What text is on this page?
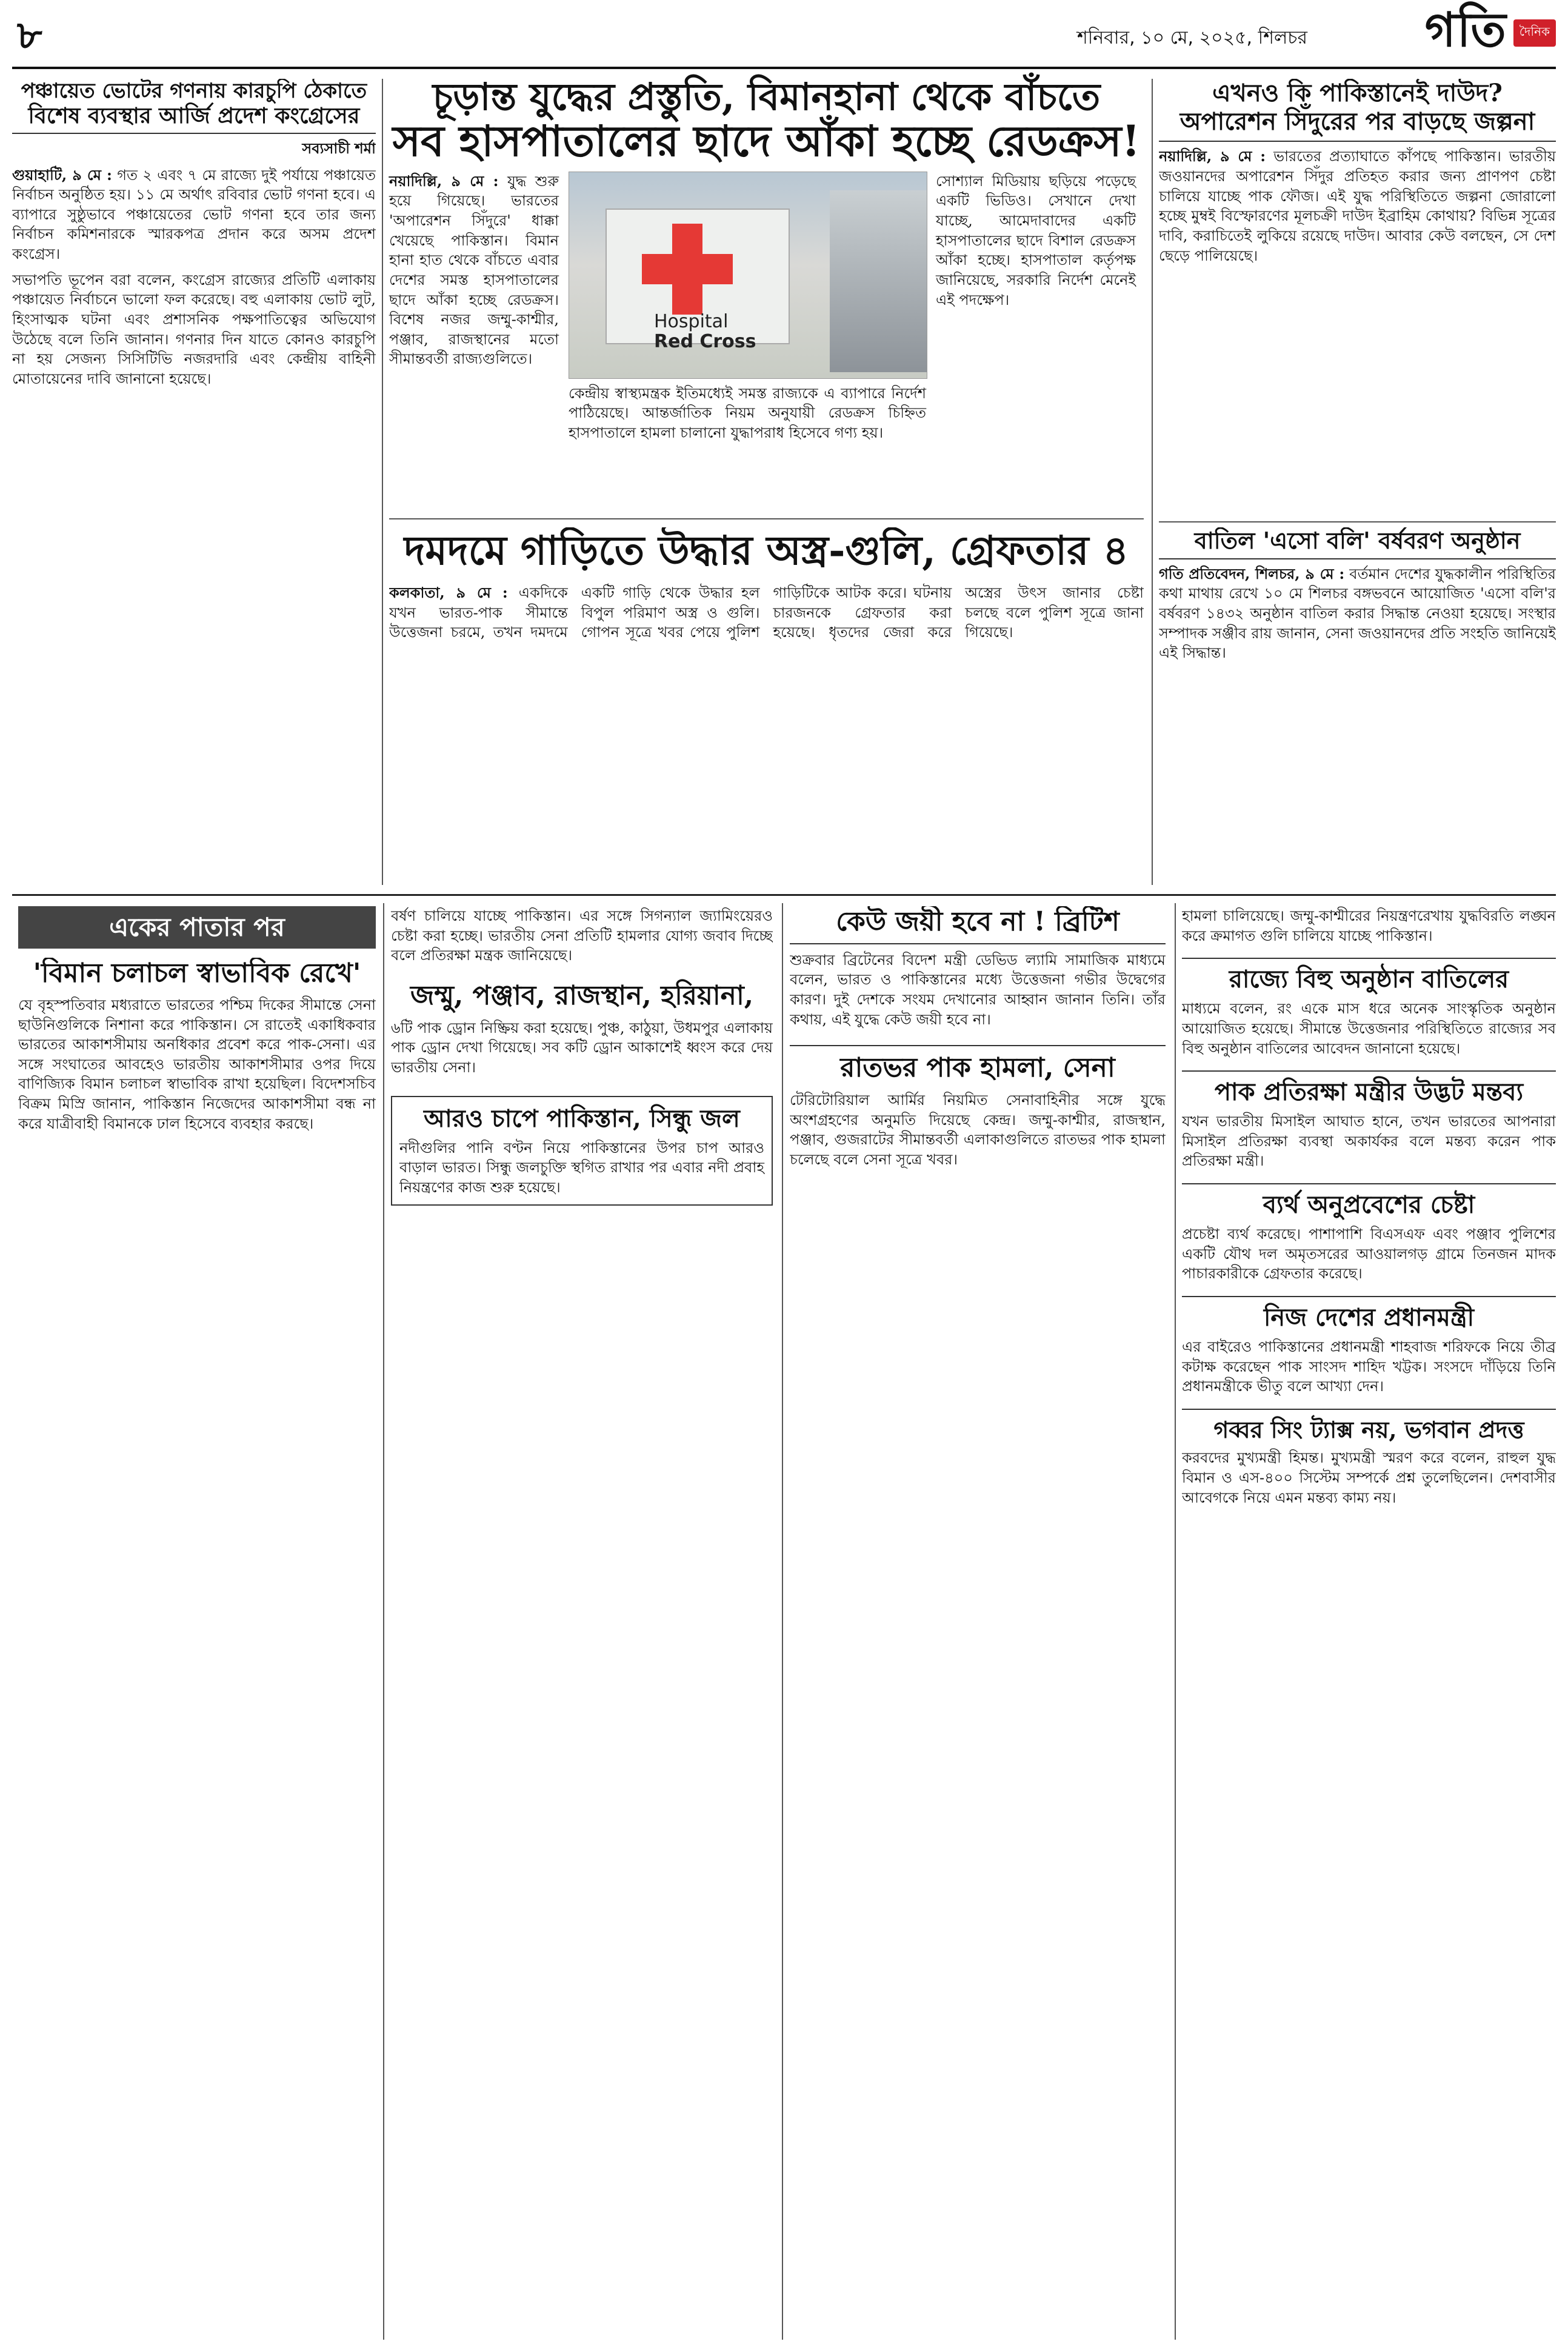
৮	শনিবার, ১০ মে, ২০২৫, শিলচর গতি	দৈনিক
পঞ্চায়েত ভোটের গণনায় কারচুপি ঠেকাতে
বিশেষ ব্যবস্থার আর্জি প্রদেশ কংগ্রেসের
সব্যসাচী শর্মা
গুয়াহাটি, ৯ মে : গত ২ এবং ৭ মে রাজ্যে দুই পর্যায়ে পঞ্চায়েত নির্বাচন অনুষ্ঠিত হয়। ১১ মে অর্থাৎ রবিবার ভোট গণনা হবে। এ ব্যাপারে সুষ্ঠুভাবে পঞ্চায়েতের ভোট গণনা হবে তার জন্য নির্বাচন কমিশনারকে স্মারকপত্র প্রদান করে অসম প্রদেশ কংগ্রেস।
সভাপতি ভূপেন বরা বলেন, কংগ্রেস রাজ্যের প্রতিটি এলাকায় পঞ্চায়েত নির্বাচনে ভালো ফল করেছে। বহু এলাকায় ভোট লুট, হিংসাত্মক ঘটনা এবং প্রশাসনিক পক্ষপাতিত্বের অভিযোগ উঠেছে বলে তিনি জানান। গণনার দিন যাতে কোনও কারচুপি না হয় সেজন্য সিসিটিভি নজরদারি এবং কেন্দ্রীয় বাহিনী মোতায়েনের দাবি জানানো হয়েছে।
চূড়ান্ত যুদ্ধের প্রস্তুতি, বিমানহানা থেকে বাঁচতে
সব হাসপাতালের ছাদে আঁকা হচ্ছে রেডক্রস!
নয়াদিল্লি, ৯ মে : যুদ্ধ শুরু হয়ে গিয়েছে। ভারতের 'অপারেশন সিঁদুরে' ধাক্কা খেয়েছে পাকিস্তান। বিমান হানা হাত থেকে বাঁচতে এবার দেশের সমস্ত হাসপাতালের ছাদে আঁকা হচ্ছে রেডক্রস। বিশেষ নজর জম্মু-কাশ্মীর, পঞ্জাব, রাজস্থানের মতো সীমান্তবর্তী রাজ্যগুলিতে।
Hospital
Red Cross
কেন্দ্রীয় স্বাস্থ্যমন্ত্রক ইতিমধ্যেই সমস্ত রাজ্যকে এ ব্যাপারে নির্দেশ পাঠিয়েছে। আন্তর্জাতিক নিয়ম অনুযায়ী রেডক্রস চিহ্নিত হাসপাতালে হামলা চালানো যুদ্ধাপরাধ হিসেবে গণ্য হয়।
সোশ্যাল মিডিয়ায় ছড়িয়ে পড়েছে একটি ভিডিও। সেখানে দেখা যাচ্ছে, আমেদাবাদের একটি হাসপাতালের ছাদে বিশাল রেডক্রস আঁকা হচ্ছে। হাসপাতাল কর্তৃপক্ষ জানিয়েছে, সরকারি নির্দেশ মেনেই এই পদক্ষেপ।
দমদমে গাড়িতে উদ্ধার অস্ত্র-গুলি, গ্রেফতার ৪
কলকাতা, ৯ মে : একদিকে যখন ভারত-পাক সীমান্তে উত্তেজনা চরমে, তখন দমদমে একটি গাড়ি থেকে উদ্ধার হল বিপুল পরিমাণ অস্ত্র ও গুলি। গোপন সূত্রে খবর পেয়ে পুলিশ গাড়িটিকে আটক করে। ঘটনায় চারজনকে গ্রেফতার করা হয়েছে। ধৃতদের জেরা করে অস্ত্রের উৎস জানার চেষ্টা চলছে বলে পুলিশ সূত্রে জানা গিয়েছে।
এখনও কি পাকিস্তানেই দাউদ?
অপারেশন সিঁদুরের পর বাড়ছে জল্পনা
নয়াদিল্লি, ৯ মে : ভারতের প্রত্যাঘাতে কাঁপছে পাকিস্তান। ভারতীয় জওয়ানদের অপারেশন সিঁদুর প্রতিহত করার জন্য প্রাণপণ চেষ্টা চালিয়ে যাচ্ছে পাক ফৌজ। এই যুদ্ধ পরিস্থিতিতে জল্পনা জোরালো হচ্ছে মুম্বই বিস্ফোরণের মূলচক্রী দাউদ ইব্রাহিম কোথায়? বিভিন্ন সূত্রের দাবি, করাচিতেই লুকিয়ে রয়েছে দাউদ। আবার কেউ বলছেন, সে দেশ ছেড়ে পালিয়েছে।
বাতিল 'এসো বলি' বর্ষবরণ অনুষ্ঠান
গতি প্রতিবেদন, শিলচর, ৯ মে : বর্তমান দেশের যুদ্ধকালীন পরিস্থিতির কথা মাথায় রেখে ১০ মে শিলচর বঙ্গভবনে আয়োজিত 'এসো বলি'র বর্ষবরণ ১৪৩২ অনুষ্ঠান বাতিল করার সিদ্ধান্ত নেওয়া হয়েছে। সংস্থার সম্পাদক সঞ্জীব রায় জানান, সেনা জওয়ানদের প্রতি সংহতি জানিয়েই এই সিদ্ধান্ত।
একের পাতার পর
'বিমান চলাচল স্বাভাবিক রেখে'
যে বৃহস্পতিবার মধ্যরাতে ভারতের পশ্চিম দিকের সীমান্তে সেনা ছাউনিগুলিকে নিশানা করে পাকিস্তান। সে রাতেই একাধিকবার ভারতের আকাশসীমায় অনধিকার প্রবেশ করে পাক-সেনা। এর সঙ্গে সংঘাতের আবহেও ভারতীয় আকাশসীমার ওপর দিয়ে বাণিজ্যিক বিমান চলাচল স্বাভাবিক রাখা হয়েছিল। বিদেশসচিব বিক্রম মিস্রি জানান, পাকিস্তান নিজেদের আকাশসীমা বন্ধ না করে যাত্রীবাহী বিমানকে ঢাল হিসেবে ব্যবহার করছে।
বর্ষণ চালিয়ে যাচ্ছে পাকিস্তান। এর সঙ্গে সিগন্যাল জ্যামিংয়েরও চেষ্টা করা হচ্ছে। ভারতীয় সেনা প্রতিটি হামলার যোগ্য জবাব দিচ্ছে বলে প্রতিরক্ষা মন্ত্রক জানিয়েছে।
জম্মু, পঞ্জাব, রাজস্থান, হরিয়ানা,
৬টি পাক ড্রোন নিষ্ক্রিয় করা হয়েছে। পুঞ্চ, কাঠুয়া, উধমপুর এলাকায় পাক ড্রোন দেখা গিয়েছে। সব কটি ড্রোন আকাশেই ধ্বংস করে দেয় ভারতীয় সেনা।
আরও চাপে পাকিস্তান, সিন্ধু জল
নদীগুলির পানি বণ্টন নিয়ে পাকিস্তানের উপর চাপ আরও বাড়াল ভারত। সিন্ধু জলচুক্তি স্থগিত রাখার পর এবার নদী প্রবাহ নিয়ন্ত্রণের কাজ শুরু হয়েছে।
কেউ জয়ী হবে না ! ব্রিটিশ
শুক্রবার ব্রিটেনের বিদেশ মন্ত্রী ডেভিড ল্যামি সামাজিক মাধ্যমে বলেন, ভারত ও পাকিস্তানের মধ্যে উত্তেজনা গভীর উদ্বেগের কারণ। দুই দেশকে সংযম দেখানোর আহ্বান জানান তিনি। তাঁর কথায়, এই যুদ্ধে কেউ জয়ী হবে না।
রাতভর পাক হামলা, সেনা
টেরিটোরিয়াল আর্মির নিয়মিত সেনাবাহিনীর সঙ্গে যুদ্ধে অংশগ্রহণের অনুমতি দিয়েছে কেন্দ্র। জম্মু-কাশ্মীর, রাজস্থান, পঞ্জাব, গুজরাটের সীমান্তবর্তী এলাকাগুলিতে রাতভর পাক হামলা চলেছে বলে সেনা সূত্রে খবর।
হামলা চালিয়েছে। জম্মু-কাশ্মীরের নিয়ন্ত্রণরেখায় যুদ্ধবিরতি লঙ্ঘন করে ক্রমাগত গুলি চালিয়ে যাচ্ছে পাকিস্তান।
রাজ্যে বিহু অনুষ্ঠান বাতিলের
মাধ্যমে বলেন, রং একে মাস ধরে অনেক সাংস্কৃতিক অনুষ্ঠান আয়োজিত হয়েছে। সীমান্তে উত্তেজনার পরিস্থিতিতে রাজ্যের সব বিহু অনুষ্ঠান বাতিলের আবেদন জানানো হয়েছে।
পাক প্রতিরক্ষা মন্ত্রীর উদ্ভট মন্তব্য
যখন ভারতীয় মিসাইল আঘাত হানে, তখন ভারতের আপনারা মিসাইল প্রতিরক্ষা ব্যবস্থা অকার্যকর বলে মন্তব্য করেন পাক প্রতিরক্ষা মন্ত্রী।
ব্যর্থ অনুপ্রবেশের চেষ্টা
প্রচেষ্টা ব্যর্থ করেছে। পাশাপাশি বিএসএফ এবং পঞ্জাব পুলিশের একটি যৌথ দল অমৃতসরের আওয়ালগড় গ্রামে তিনজন মাদক পাচারকারীকে গ্রেফতার করেছে।
নিজ দেশের প্রধানমন্ত্রী
এর বাইরেও পাকিস্তানের প্রধানমন্ত্রী শাহবাজ শরিফকে নিয়ে তীব্র কটাক্ষ করেছেন পাক সাংসদ শাহিদ খট্টক। সংসদে দাঁড়িয়ে তিনি প্রধানমন্ত্রীকে ভীতু বলে আখ্যা দেন।
গব্বর সিং ট্যাক্স নয়, ভগবান প্রদত্ত
করবদের মুখ্যমন্ত্রী হিমন্ত। মুখ্যমন্ত্রী স্মরণ করে বলেন, রাহুল যুদ্ধ বিমান ও এস-৪০০ সিস্টেম সম্পর্কে প্রশ্ন তুলেছিলেন। দেশবাসীর আবেগকে নিয়ে এমন মন্তব্য কাম্য নয়।
